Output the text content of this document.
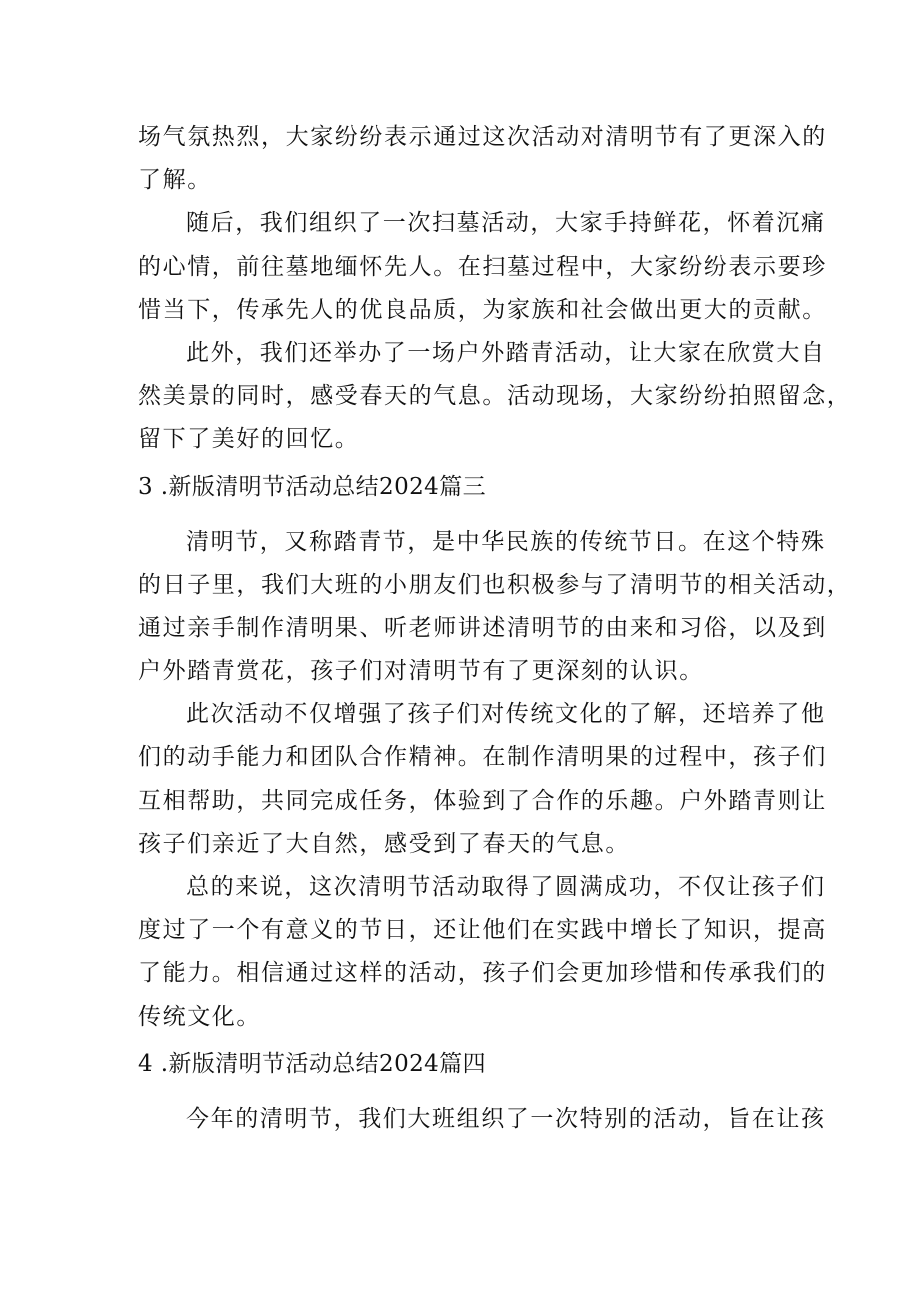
场气氛热烈，大家纷纷表示通过这次活动对清明节有了更深入的
了解。
随后，我们组织了一次扫墓活动，大家手持鲜花，怀着沉痛
的心情，前往墓地缅怀先人。在扫墓过程中，大家纷纷表示要珍
惜当下，传承先人的优良品质，为家族和社会做出更大的贡献。
此外，我们还举办了一场户外踏青活动，让大家在欣赏大自
然美景的同时，感受春天的气息。活动现场，大家纷纷拍照留念，
留下了美好的回忆。
3 .新版清明节活动总结2024篇三
清明节，又称踏青节，是中华民族的传统节日。在这个特殊
的日子里，我们大班的小朋友们也积极参与了清明节的相关活动，
通过亲手制作清明果、听老师讲述清明节的由来和习俗，以及到
户外踏青赏花，孩子们对清明节有了更深刻的认识。
此次活动不仅增强了孩子们对传统文化的了解，还培养了他
们的动手能力和团队合作精神。在制作清明果的过程中，孩子们
互相帮助，共同完成任务，体验到了合作的乐趣。户外踏青则让
孩子们亲近了大自然，感受到了春天的气息。
总的来说，这次清明节活动取得了圆满成功，不仅让孩子们
度过了一个有意义的节日，还让他们在实践中增长了知识，提高
了能力。相信通过这样的活动，孩子们会更加珍惜和传承我们的
传统文化。
4 .新版清明节活动总结2024篇四
今年的清明节，我们大班组织了一次特别的活动，旨在让孩
